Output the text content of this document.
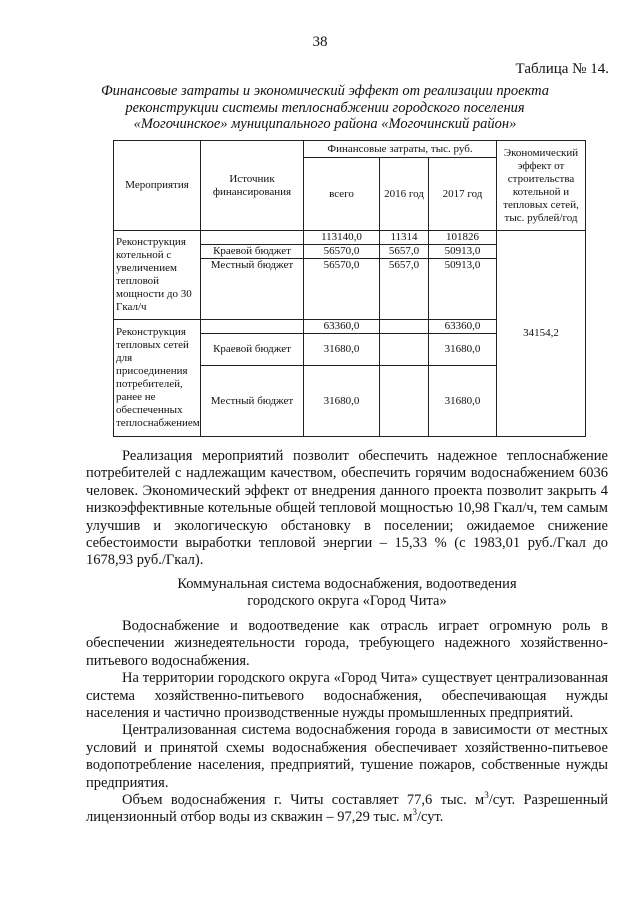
38
Таблица № 14.
Финансовые затраты и экономический эффект от реализации проекта
реконструкции системы теплоснабжении городского поселения
«Могочинское» муниципального района «Могочинский район»
Мероприятия	Источник финансирования	Финансовые затраты, тыс. руб.			Экономический эффект от строительства котельной и тепловых сетей, тыс. рублей/год
		всего	2016 год	2017 год	
Реконструкция котельной с увеличением тепловой мощности до 30 Гкал/ч		113140,0	11314	101826	34154,2
	Краевой бюджет	56570,0	5657,0	50913,0	
	Местный бюджет	56570,0	5657,0	50913,0	
Реконструкция тепловых сетей для присоединения потребителей, ранее не обеспеченных теплоснабжением		63360,0		63360,0	
	Краевой бюджет	31680,0		31680,0	
	Местный бюджет	31680,0		31680,0	

Реализация мероприятий позволит обеспечить надежное теплоснабжение потребителей с надлежащим качеством, обеспечить горячим водоснабжением 6036 человек. Экономический эффект от внедрения данного проекта позволит закрыть 4 низкоэффективные котельные общей тепловой мощностью 10,98 Гкал/ч, тем самым улучшив и экологическую обстановку в поселении; ожидаемое снижение себестоимости выработки тепловой энергии – 15,33 % (с 1983,01 руб./Гкал до 1678,93 руб./Гкал).

Коммунальная система водоснабжения, водоотведения
городского округа «Город Чита»

Водоснабжение и водоотведение как отрасль играет огромную роль в обеспечении жизнедеятельности города, требующего надежного хозяйственно-питьевого водоснабжения.

На территории городского округа «Город Чита» существует централизованная система хозяйственно-питьевого водоснабжения, обеспечивающая нужды населения и частично производственные нужды промышленных предприятий.

Централизованная система водоснабжения города в зависимости от местных условий и принятой схемы водоснабжения обеспечивает хозяйственно-питьевое водопотребление населения, предприятий, тушение пожаров, собственные нужды предприятия.

Объем водоснабжения г. Читы составляет 77,6 тыс. $м^3$/сут. Разрешенный лицензионный отбор воды из скважин – 97,29 тыс. $м^3$/сут.
